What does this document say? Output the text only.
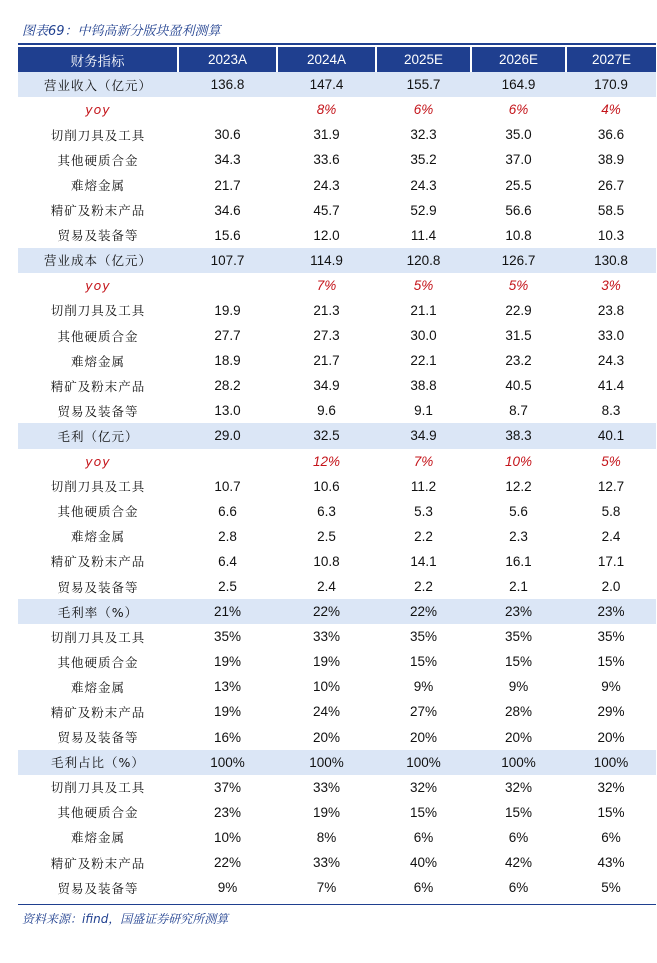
图表69：中钨高新分版块盈利测算
财务指标	2023A	2024A	2025E	2026E	2027E
营业收入（亿元）	136.8	147.4	155.7	164.9	170.9
yoy		8%	6%	6%	4%
切削刀具及工具	30.6	31.9	32.3	35.0	36.6
其他硬质合金	34.3	33.6	35.2	37.0	38.9
难熔金属	21.7	24.3	24.3	25.5	26.7
精矿及粉末产品	34.6	45.7	52.9	56.6	58.5
贸易及装备等	15.6	12.0	11.4	10.8	10.3
营业成本（亿元）	107.7	114.9	120.8	126.7	130.8
yoy		7%	5%	5%	3%
切削刀具及工具	19.9	21.3	21.1	22.9	23.8
其他硬质合金	27.7	27.3	30.0	31.5	33.0
难熔金属	18.9	21.7	22.1	23.2	24.3
精矿及粉末产品	28.2	34.9	38.8	40.5	41.4
贸易及装备等	13.0	9.6	9.1	8.7	8.3
毛利（亿元）	29.0	32.5	34.9	38.3	40.1
yoy		12%	7%	10%	5%
切削刀具及工具	10.7	10.6	11.2	12.2	12.7
其他硬质合金	6.6	6.3	5.3	5.6	5.8
难熔金属	2.8	2.5	2.2	2.3	2.4
精矿及粉末产品	6.4	10.8	14.1	16.1	17.1
贸易及装备等	2.5	2.4	2.2	2.1	2.0
毛利率（%）	21%	22%	22%	23%	23%
切削刀具及工具	35%	33%	35%	35%	35%
其他硬质合金	19%	19%	15%	15%	15%
难熔金属	13%	10%	9%	9%	9%
精矿及粉末产品	19%	24%	27%	28%	29%
贸易及装备等	16%	20%	20%	20%	20%
毛利占比（%）	100%	100%	100%	100%	100%
切削刀具及工具	37%	33%	32%	32%	32%
其他硬质合金	23%	19%	15%	15%	15%
难熔金属	10%	8%	6%	6%	6%
精矿及粉末产品	22%	33%	40%	42%	43%
贸易及装备等	9%	7%	6%	6%	5%
资料来源：ifind，国盛证券研究所测算
